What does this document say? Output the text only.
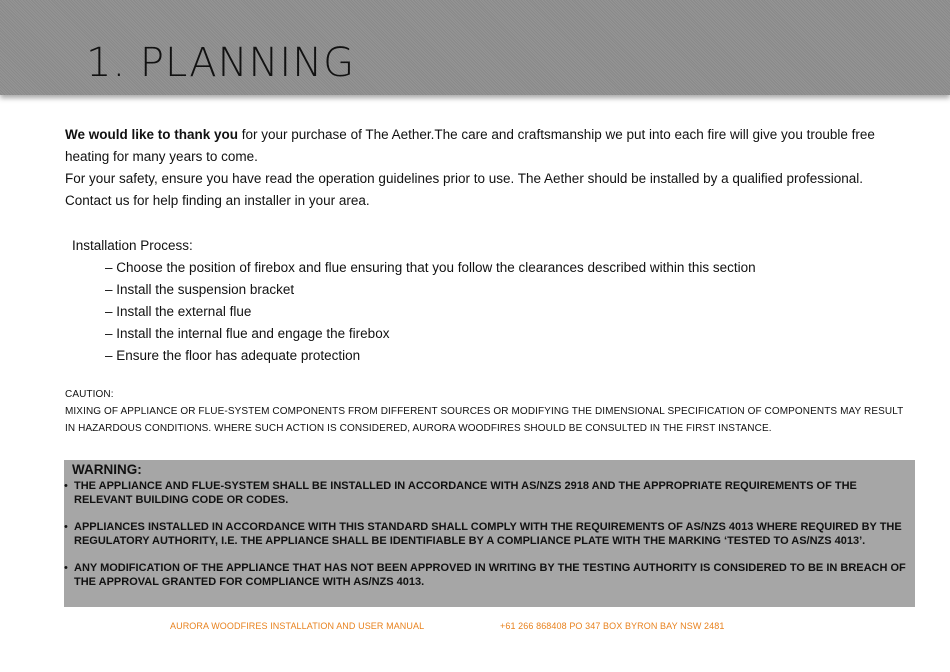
1. PLANNING

We would like to thank you for your purchase of The Aether.The care and craftsmanship we put into each fire will give you trouble free heating for many years to come.

For your safety, ensure you have read the operation guidelines prior to use. The Aether should be installed by a qualified professional. Contact us for help finding an installer in your area.

Installation Process:

– Choose the position of firebox and flue ensuring that you follow the clearances described within this section
– Install the suspension bracket
– Install the external flue
– Install the internal flue and engage the firebox
– Ensure the floor has adequate protection

CAUTION:

MIXING OF APPLIANCE OR FLUE-SYSTEM COMPONENTS FROM DIFFERENT SOURCES OR MODIFYING THE DIMENSIONAL SPECIFICATION OF COMPONENTS MAY RESULT IN HAZARDOUS CONDITIONS. WHERE SUCH ACTION IS CONSIDERED, AURORA WOODFIRES SHOULD BE CONSULTED IN THE FIRST INSTANCE.

WARNING:

• THE APPLIANCE AND FLUE-SYSTEM SHALL BE INSTALLED IN ACCORDANCE WITH AS/NZS 2918 AND THE APPROPRIATE REQUIREMENTS OF THE RELEVANT BUILDING CODE OR CODES.
• APPLIANCES INSTALLED IN ACCORDANCE WITH THIS STANDARD SHALL COMPLY WITH THE REQUIREMENTS OF AS/NZS 4013 WHERE REQUIRED BY THE REGULATORY AUTHORITY, I.E. THE APPLIANCE SHALL BE IDENTIFIABLE BY A COMPLIANCE PLATE WITH THE MARKING ‘TESTED TO AS/NZS 4013’.
• ANY MODIFICATION OF THE APPLIANCE THAT HAS NOT BEEN APPROVED IN WRITING BY THE TESTING AUTHORITY IS CONSIDERED TO BE IN BREACH OF THE APPROVAL GRANTED FOR COMPLIANCE WITH AS/NZS 4013.
AURORA WOODFIRES INSTALLATION AND USER MANUAL	+61 266 868408 PO 347 BOX BYRON BAY NSW 2481
